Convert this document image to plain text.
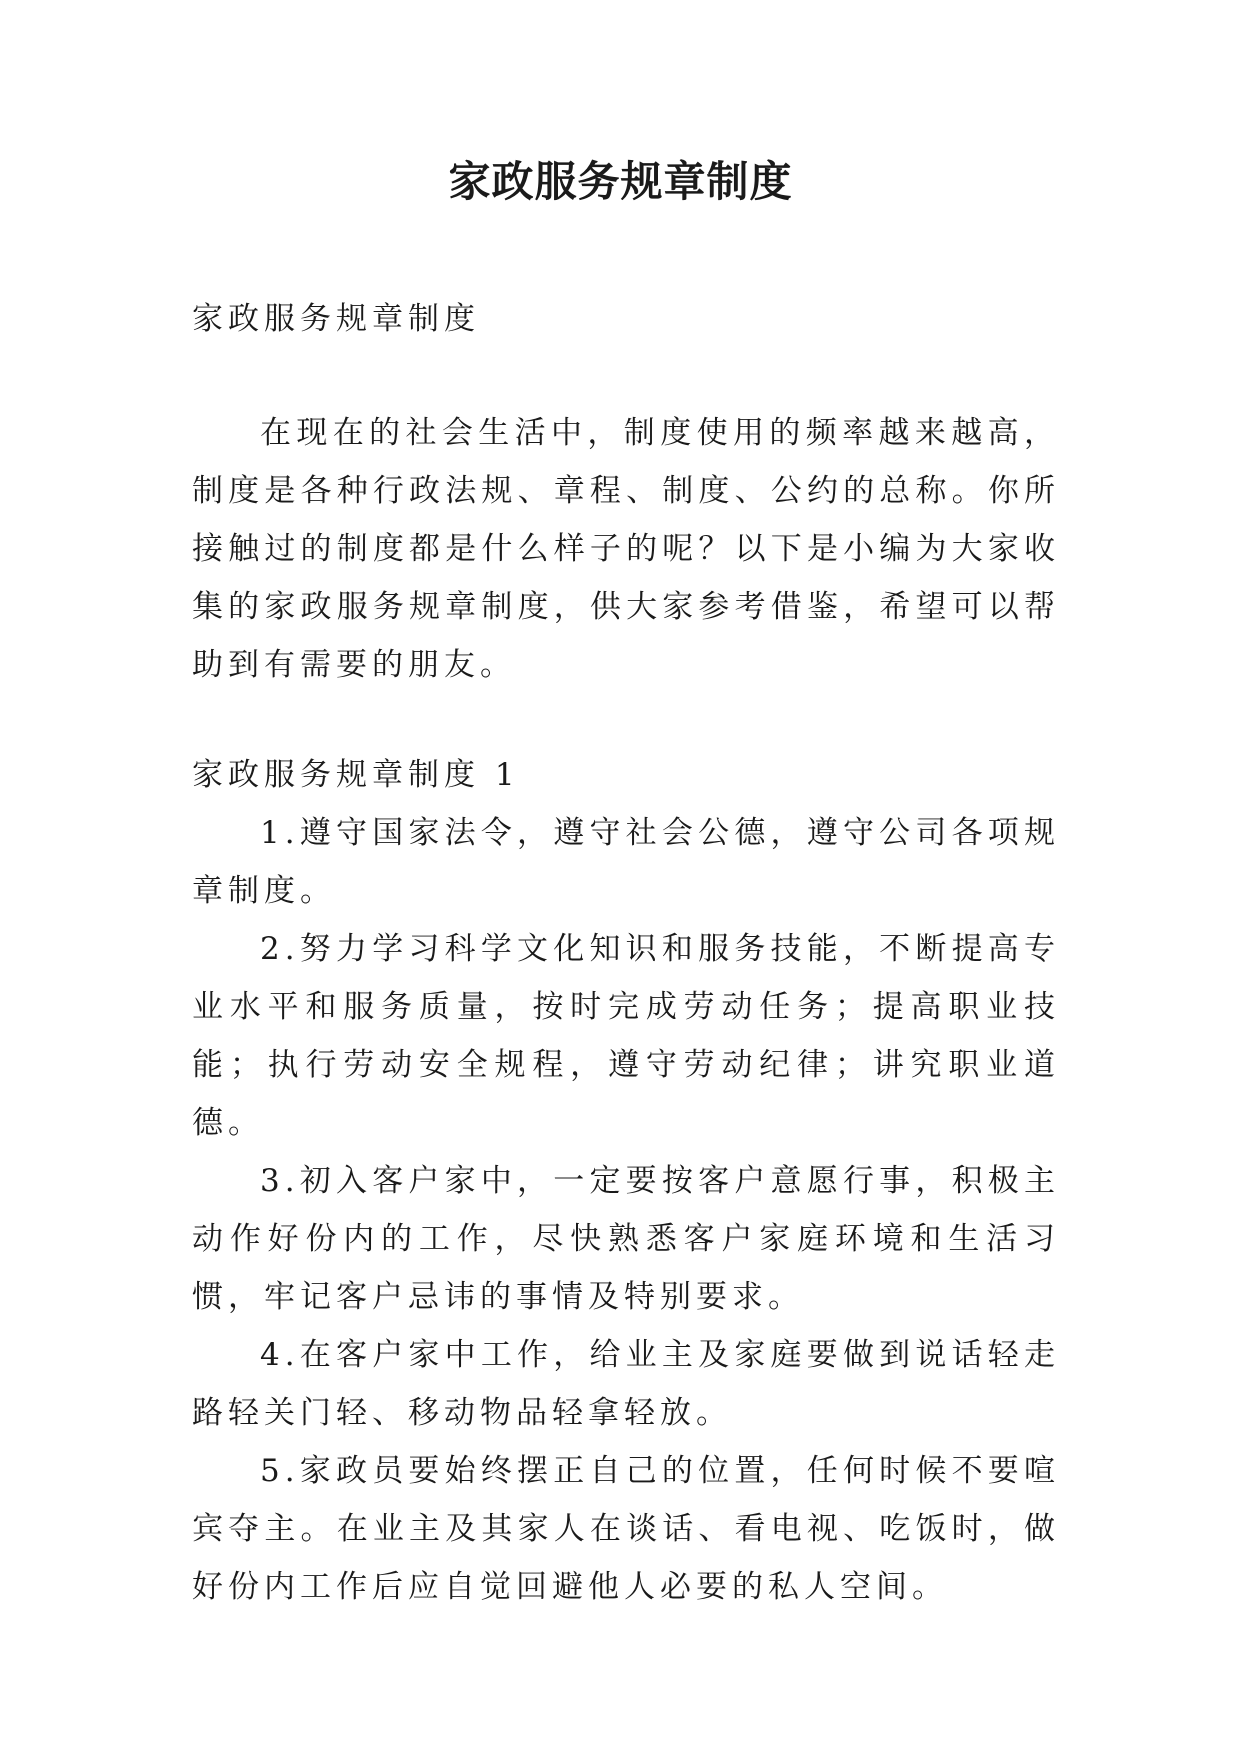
家政服务规章制度

家政服务规章制度

在现在的社会生活中，制度使用的频率越来越高，制度是各种行政法规、章程、制度、公约的总称。你所接触过的制度都是什么样子的呢？以下是小编为大家收集的家政服务规章制度，供大家参考借鉴，希望可以帮助到有需要的朋友。

家政服务规章制度 1

1.遵守国家法令，遵守社会公德，遵守公司各项规章制度。

2.努力学习科学文化知识和服务技能，不断提高专业水平和服务质量，按时完成劳动任务；提高职业技能；执行劳动安全规程，遵守劳动纪律；讲究职业道德。

3.初入客户家中，一定要按客户意愿行事，积极主动作好份内的工作，尽快熟悉客户家庭环境和生活习惯，牢记客户忌讳的事情及特别要求。

4.在客户家中工作，给业主及家庭要做到说话轻走路轻关门轻、移动物品轻拿轻放。

5.家政员要始终摆正自己的位置，任何时候不要喧宾夺主。在业主及其家人在谈话、看电视、吃饭时，做好份内工作后应自觉回避他人必要的私人空间。
